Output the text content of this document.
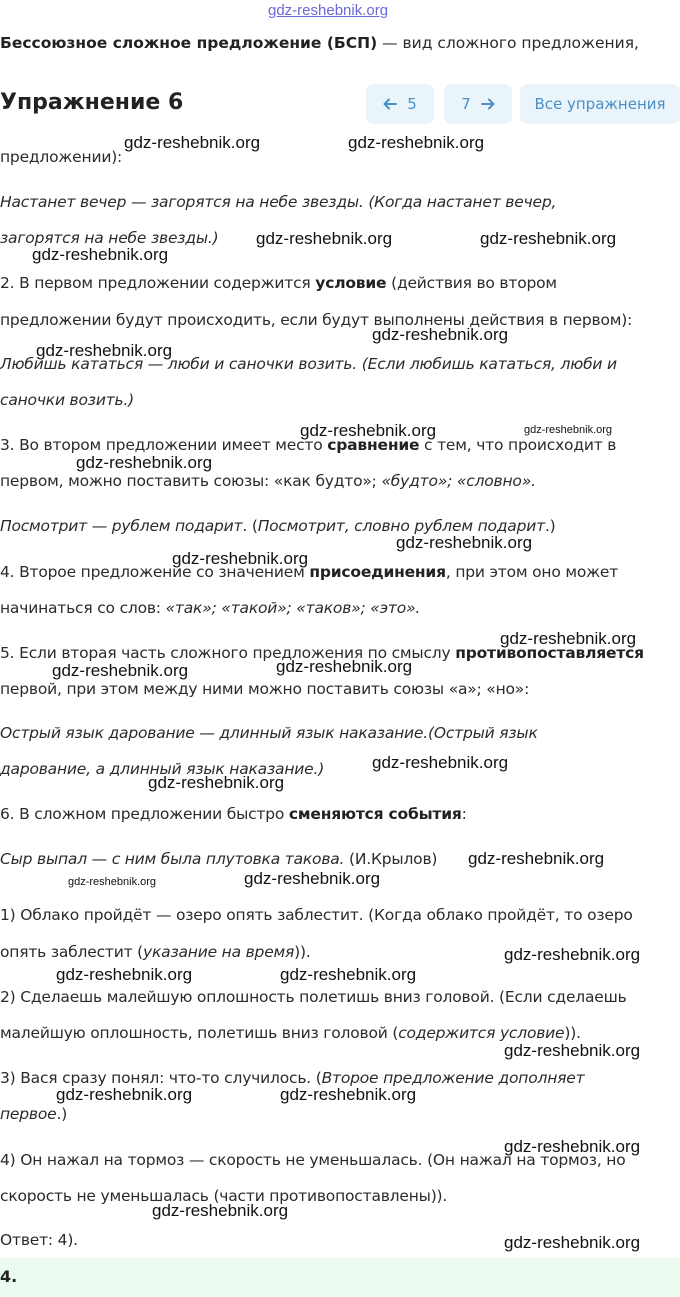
gdz-reshebnik.org
Бессоюзное сложное предложение (БСП) — вид сложного предложения,
Упражнение 6	5	7	Все упражнения
предложении):
Настанет вечер — загорятся на небе звезды. (Когда настанет вечер,
загорятся на небе звезды.)
2. В первом предложении содержится условие (действия во втором
предложении будут происходить, если будут выполнены действия в первом):
Любишь кататься — люби и саночки возить. (Если любишь кататься, люби и
саночки возить.)
3. Во втором предложении имеет место сравнение с тем, что происходит в
первом, можно поставить союзы: «как будто»; «будто»; «словно».
Посмотрит — рублем подарит. (Посмотрит, словно рублем подарит.)
4. Второе предложение со значением присоединения, при этом оно может
начинаться со слов: «так»; «такой»; «таков»; «это».
5. Если вторая часть сложного предложения по смыслу противопоставляется
первой, при этом между ними можно поставить союзы «а»; «но»:
Острый язык дарование — длинный язык наказание.(Острый язык
дарование, а длинный язык наказание.)
6. В сложном предложении быстро сменяются события:
Сыр выпал — с ним была плутовка такова. (И.Крылов)
1) Облако пройдёт — озеро опять заблестит. (Когда облако пройдёт, то озеро
опять заблестит (указание на время)).
2) Сделаешь малейшую оплошность полетишь вниз головой. (Если сделаешь
малейшую оплошность, полетишь вниз головой (содержится условие)).
3) Вася сразу понял: что-то случилось. (Второе предложение дополняет
первое.)
4) Он нажал на тормоз — скорость не уменьшалась. (Он нажал на тормоз, но
скорость не уменьшалась (части противопоставлены)).
Ответ: 4).
4.
gdz-reshebnik.org	gdz-reshebnik.org
gdz-reshebnik.org	gdz-reshebnik.org
gdz-reshebnik.org
gdz-reshebnik.org
gdz-reshebnik.org
gdz-reshebnik.org	gdz-reshebnik.org
gdz-reshebnik.org
gdz-reshebnik.org
gdz-reshebnik.org
gdz-reshebnik.org
gdz-reshebnik.org
gdz-reshebnik.org
gdz-reshebnik.org
gdz-reshebnik.org
gdz-reshebnik.org
gdz-reshebnik.org	gdz-reshebnik.org
gdz-reshebnik.org
gdz-reshebnik.org	gdz-reshebnik.org
gdz-reshebnik.org
gdz-reshebnik.org	gdz-reshebnik.org
gdz-reshebnik.org
gdz-reshebnik.org
gdz-reshebnik.org
